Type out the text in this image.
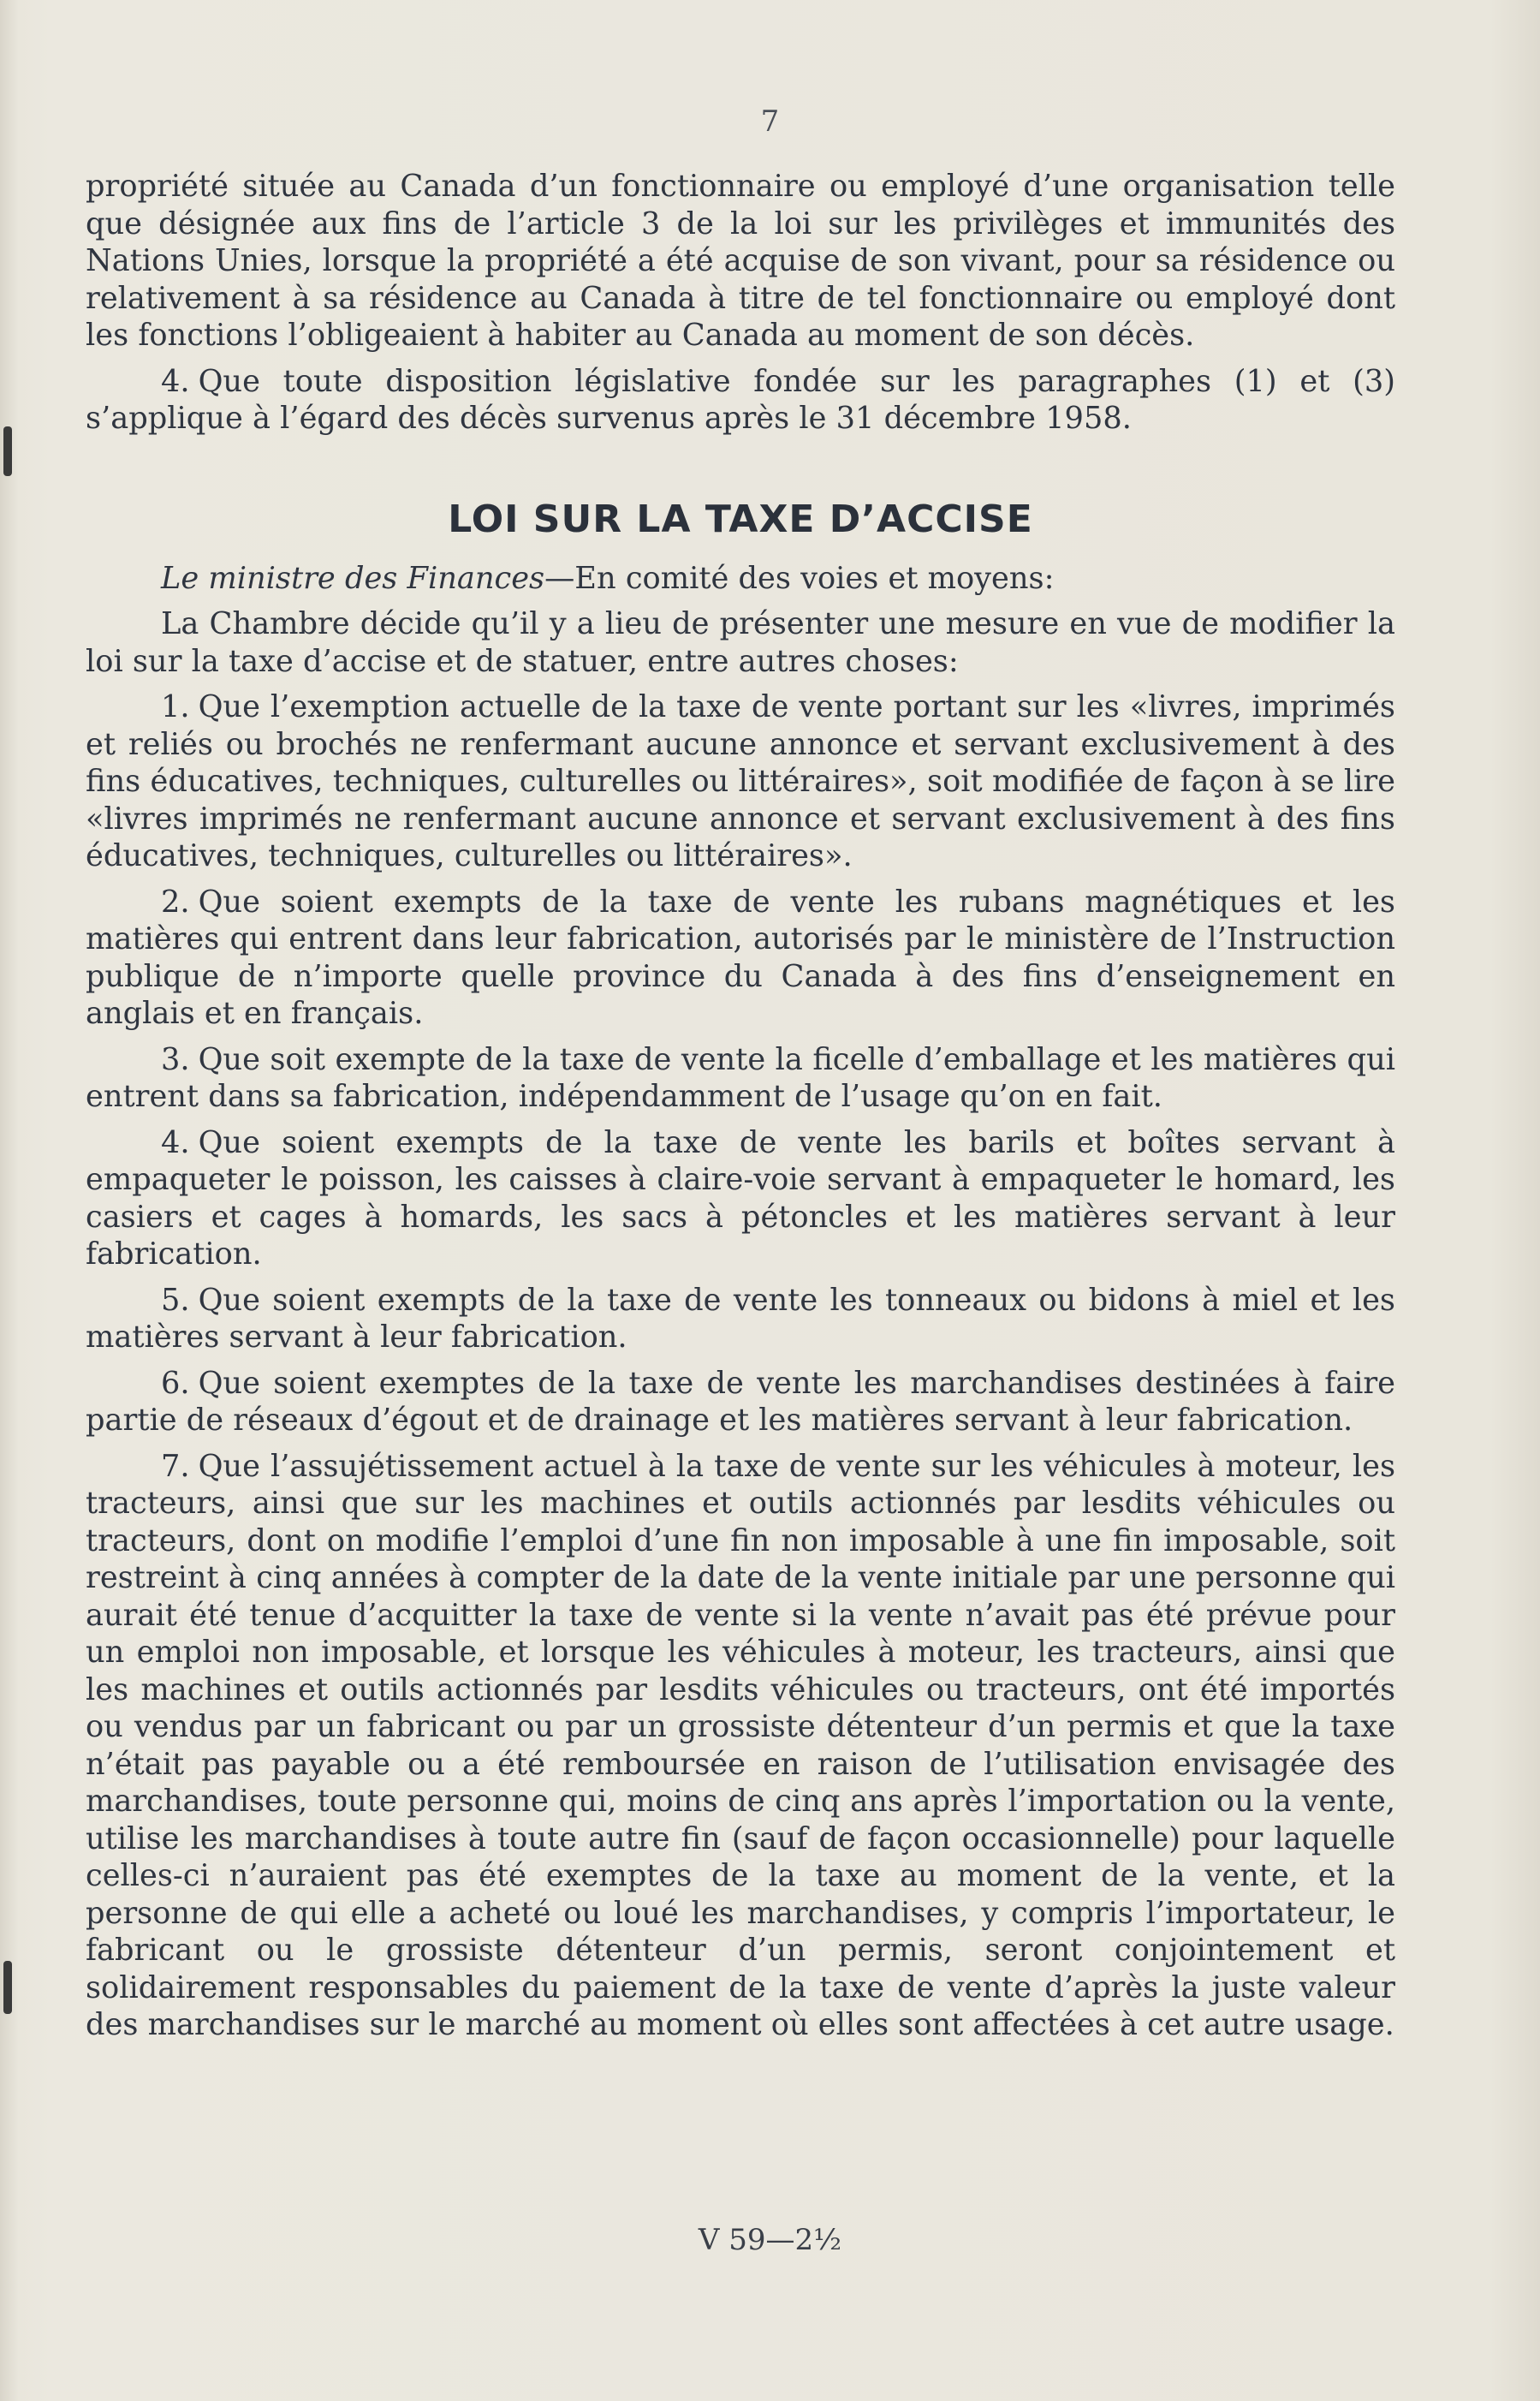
7

propriété située au Canada d’un fonctionnaire ou employé d’une organisation telle que désignée aux fins de l’article 3 de la loi sur les privilèges et immunités des Nations Unies, lorsque la propriété a été acquise de son vivant, pour sa résidence ou relativement à sa résidence au Canada à titre de tel fonctionnaire ou employé dont les fonctions l’obligeaient à habiter au Canada au moment de son décès.

4. Que toute disposition législative fondée sur les paragraphes (1) et (3) s’applique à l’égard des décès survenus après le 31 décembre 1958.

LOI SUR LA TAXE D’ACCISE

Le ministre des Finances—En comité des voies et moyens:

La Chambre décide qu’il y a lieu de présenter une mesure en vue de modifier la loi sur la taxe d’accise et de statuer, entre autres choses:

1. Que l’exemption actuelle de la taxe de vente portant sur les «livres, imprimés et reliés ou brochés ne renfermant aucune annonce et servant exclusivement à des fins éducatives, techniques, culturelles ou littéraires», soit modifiée de façon à se lire «livres imprimés ne renfermant aucune annonce et servant exclusivement à des fins éducatives, techniques, culturelles ou littéraires».

2. Que soient exempts de la taxe de vente les rubans magnétiques et les matières qui entrent dans leur fabrication, autorisés par le ministère de l’Instruction publique de n’importe quelle province du Canada à des fins d’enseignement en anglais et en français.

3. Que soit exempte de la taxe de vente la ficelle d’emballage et les matières qui entrent dans sa fabrication, indépendamment de l’usage qu’on en fait.

4. Que soient exempts de la taxe de vente les barils et boîtes servant à empaqueter le poisson, les caisses à claire-voie servant à empaqueter le homard, les casiers et cages à homards, les sacs à pétoncles et les matières servant à leur fabrication.

5. Que soient exempts de la taxe de vente les tonneaux ou bidons à miel et les matières servant à leur fabrication.

6. Que soient exemptes de la taxe de vente les marchandises destinées à faire partie de réseaux d’égout et de drainage et les matières servant à leur fabrication.

7. Que l’assujétissement actuel à la taxe de vente sur les véhicules à moteur, les tracteurs, ainsi que sur les machines et outils actionnés par lesdits véhicules ou tracteurs, dont on modifie l’emploi d’une fin non imposable à une fin imposable, soit restreint à cinq années à compter de la date de la vente initiale par une personne qui aurait été tenue d’acquitter la taxe de vente si la vente n’avait pas été prévue pour un emploi non imposable, et lorsque les véhicules à moteur, les tracteurs, ainsi que les machines et outils actionnés par lesdits véhicules ou tracteurs, ont été importés ou vendus par un fabricant ou par un grossiste détenteur d’un permis et que la taxe n’était pas payable ou a été remboursée en raison de l’utilisation envisagée des marchandises, toute personne qui, moins de cinq ans après l’importation ou la vente, utilise les marchandises à toute autre fin (sauf de façon occasionnelle) pour laquelle celles-ci n’auraient pas été exemptes de la taxe au moment de la vente, et la personne de qui elle a acheté ou loué les marchandises, y compris l’importateur, le fabricant ou le grossiste détenteur d’un permis, seront conjointement et solidairement responsables du paiement de la taxe de vente d’après la juste valeur des marchandises sur le marché au moment où elles sont affectées à cet autre usage.

V 59—2½
